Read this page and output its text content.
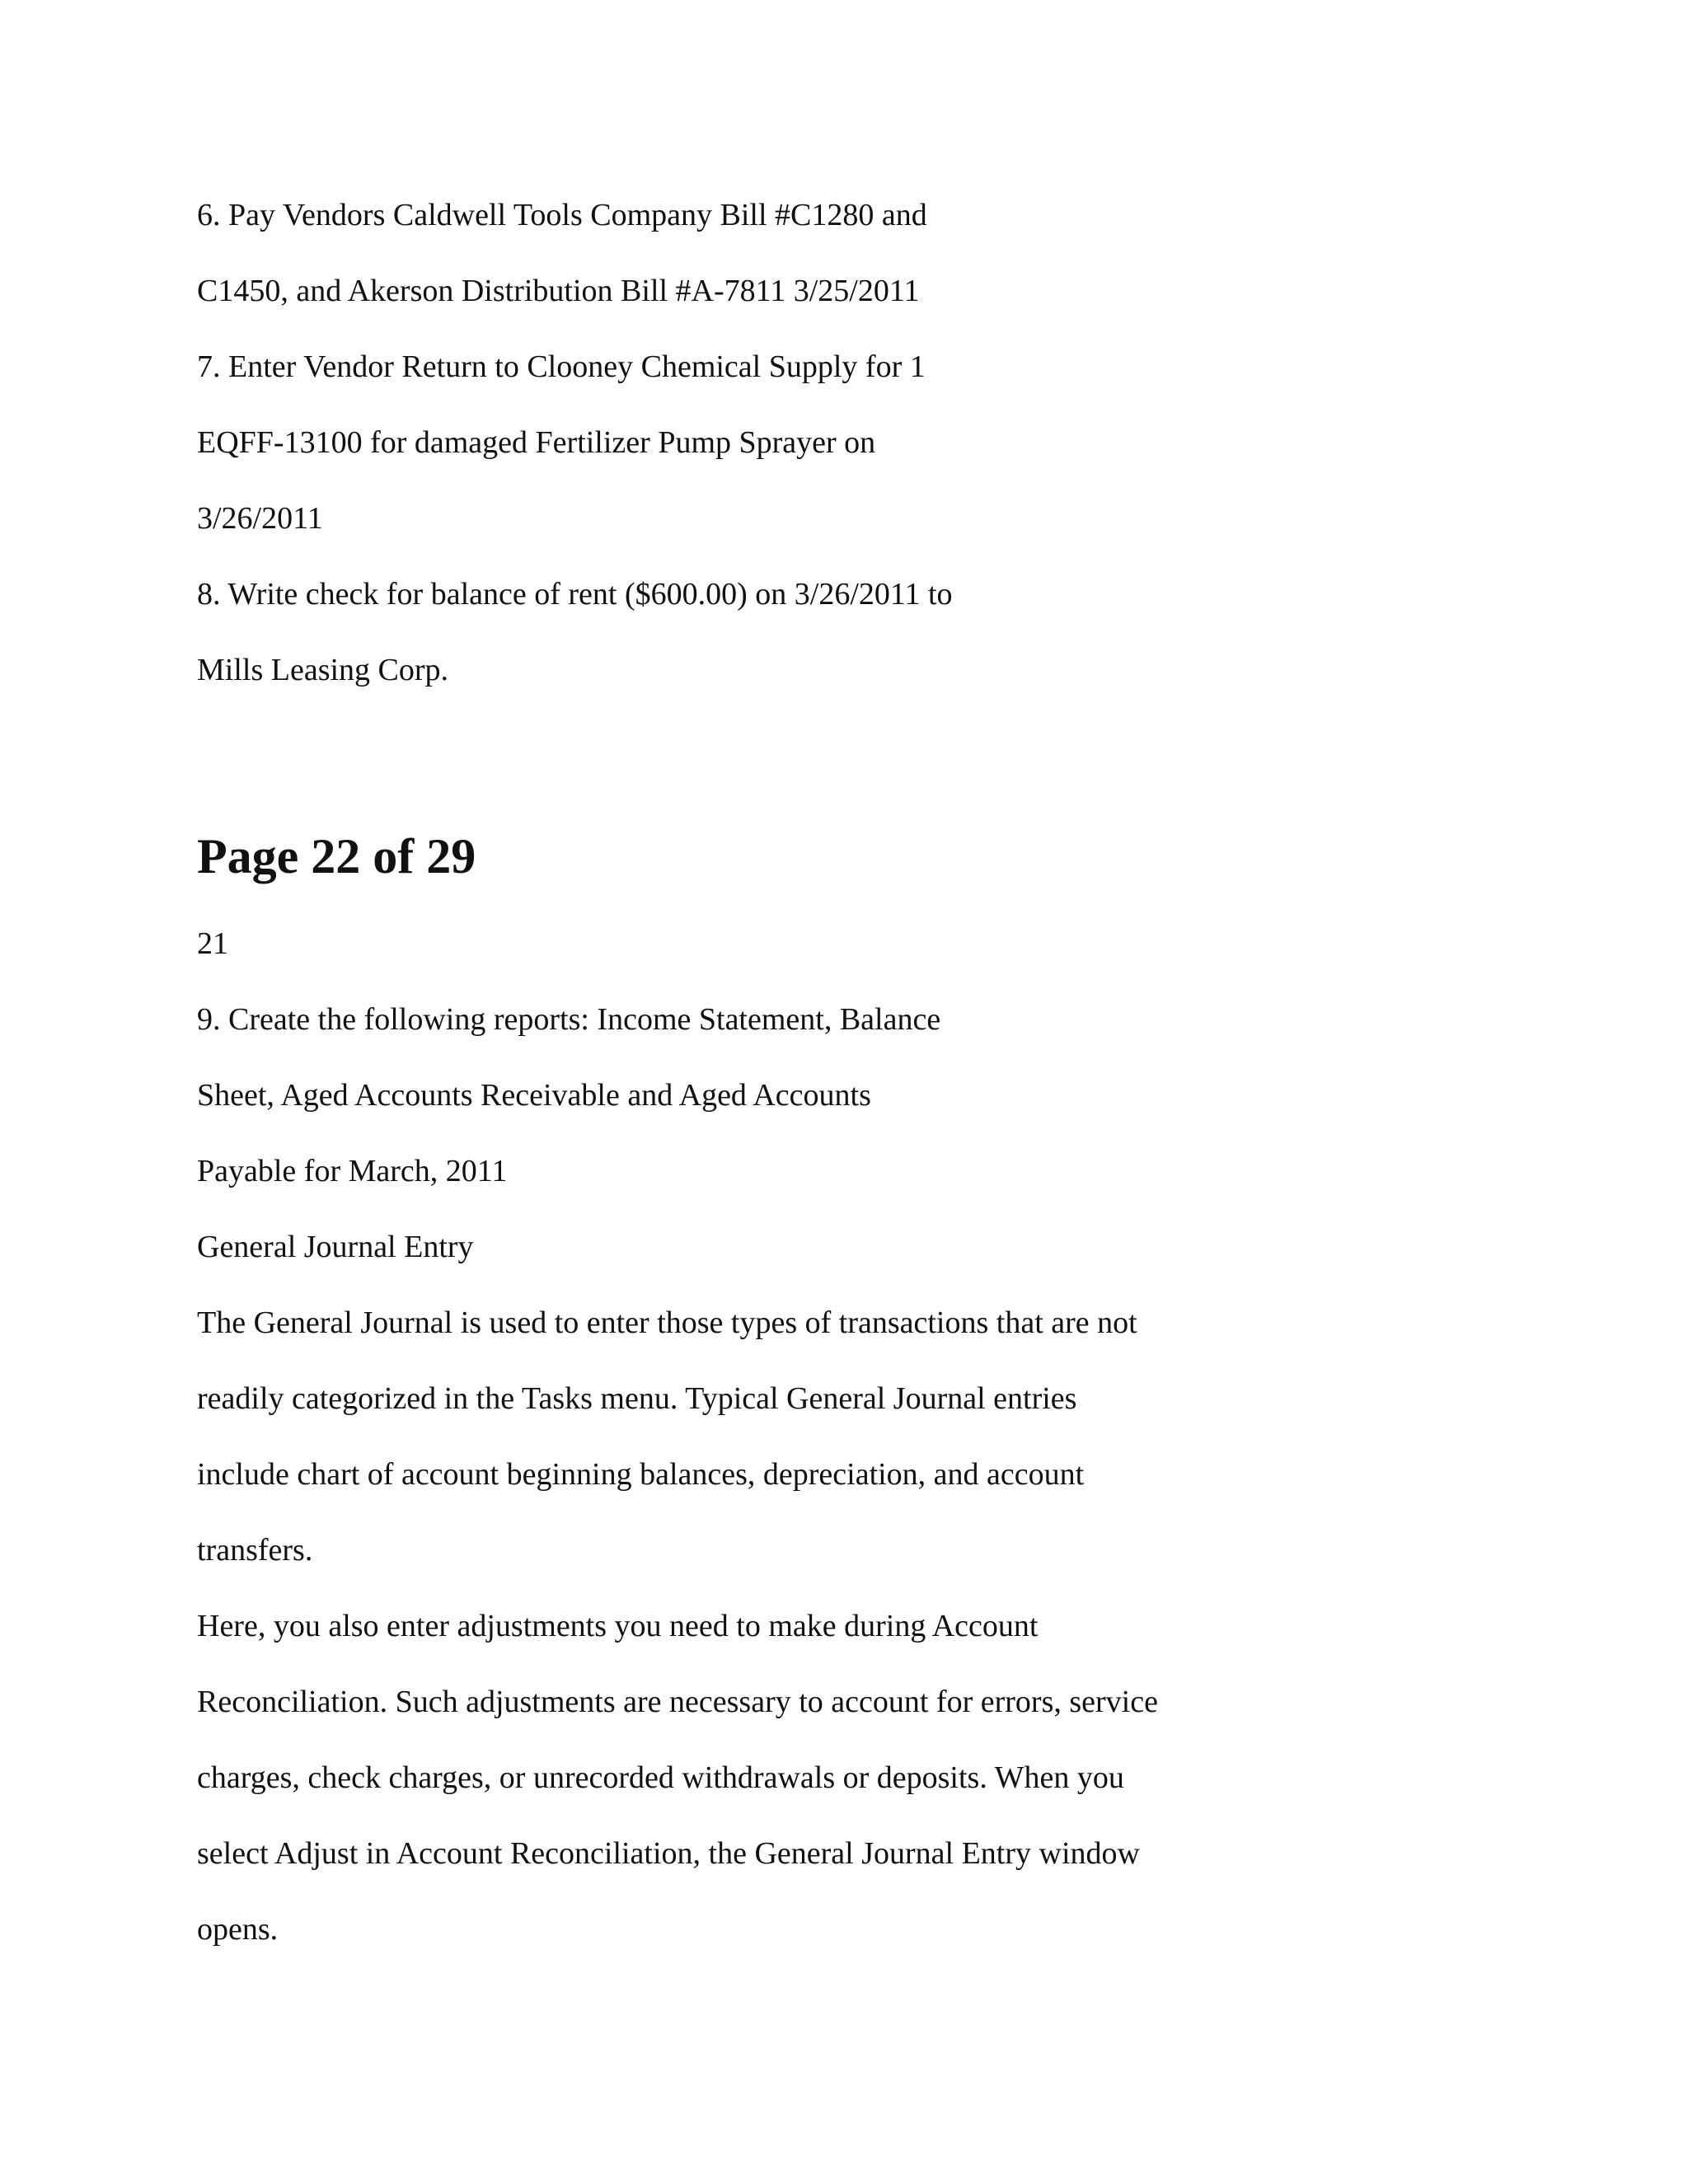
6. Pay Vendors Caldwell Tools Company Bill #C1280 and
C1450, and Akerson Distribution Bill #A-7811 3/25/2011
7. Enter Vendor Return to Clooney Chemical Supply for 1
EQFF-13100 for damaged Fertilizer Pump Sprayer on
3/26/2011
8. Write check for balance of rent ($600.00) on 3/26/2011 to
Mills Leasing Corp.
Page 22 of 29
21
9. Create the following reports: Income Statement, Balance
Sheet, Aged Accounts Receivable and Aged Accounts
Payable for March, 2011
General Journal Entry
The General Journal is used to enter those types of transactions that are not
readily categorized in the Tasks menu. Typical General Journal entries
include chart of account beginning balances, depreciation, and account
transfers.
Here, you also enter adjustments you need to make during Account
Reconciliation. Such adjustments are necessary to account for errors, service
charges, check charges, or unrecorded withdrawals or deposits. When you
select Adjust in Account Reconciliation, the General Journal Entry window
opens.
